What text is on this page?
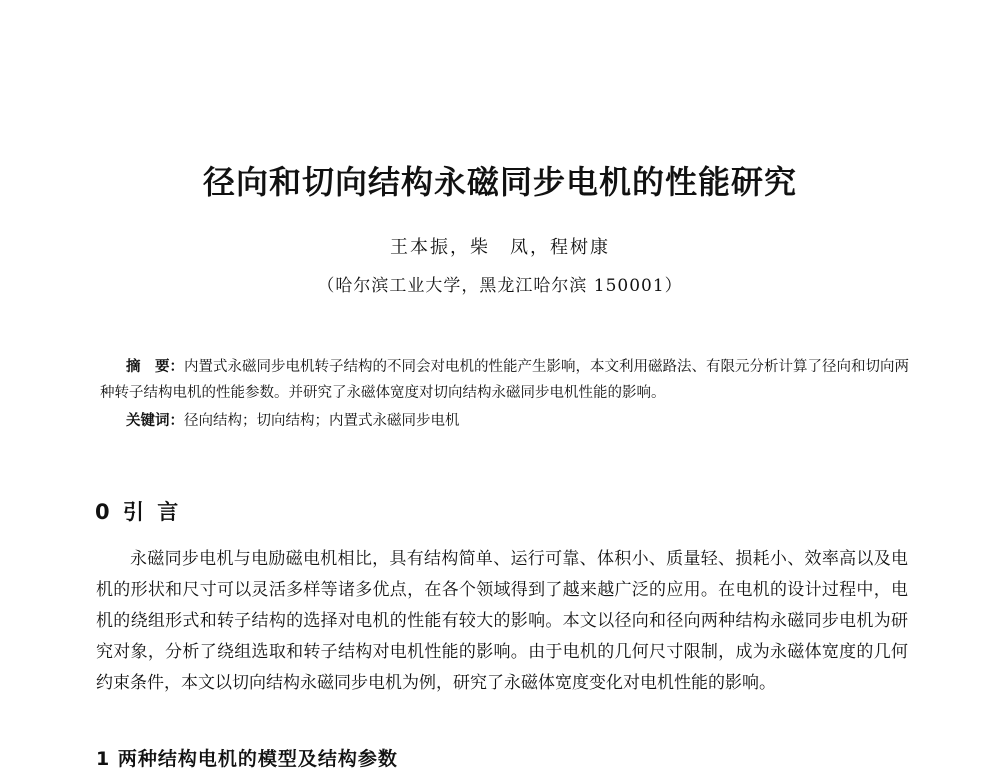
径向和切向结构永磁同步电机的性能研究
王本振，柴　凤，程树康
（哈尔滨工业大学，黑龙江哈尔滨 150001）

摘　要：内置式永磁同步电机转子结构的不同会对电机的性能产生影响，本文利用磁路法、有限元分析计算了径向和切向两种转子结构电机的性能参数。并研究了永磁体宽度对切向结构永磁同步电机性能的影响。

关键词：径向结构；切向结构；内置式永磁同步电机

0 引 言

永磁同步电机与电励磁电机相比，具有结构简单、运行可靠、体积小、质量轻、损耗小、效率高以及电机的形状和尺寸可以灵活多样等诸多优点，在各个领域得到了越来越广泛的应用。在电机的设计过程中，电机的绕组形式和转子结构的选择对电机的性能有较大的影响。本文以径向和径向两种结构永磁同步电机为研究对象，分析了绕组选取和转子结构对电机性能的影响。由于电机的几何尺寸限制，成为永磁体宽度的几何约束条件，本文以切向结构永磁同步电机为例，研究了永磁体宽度变化对电机性能的影响。

1 两种结构电机的模型及结构参数
